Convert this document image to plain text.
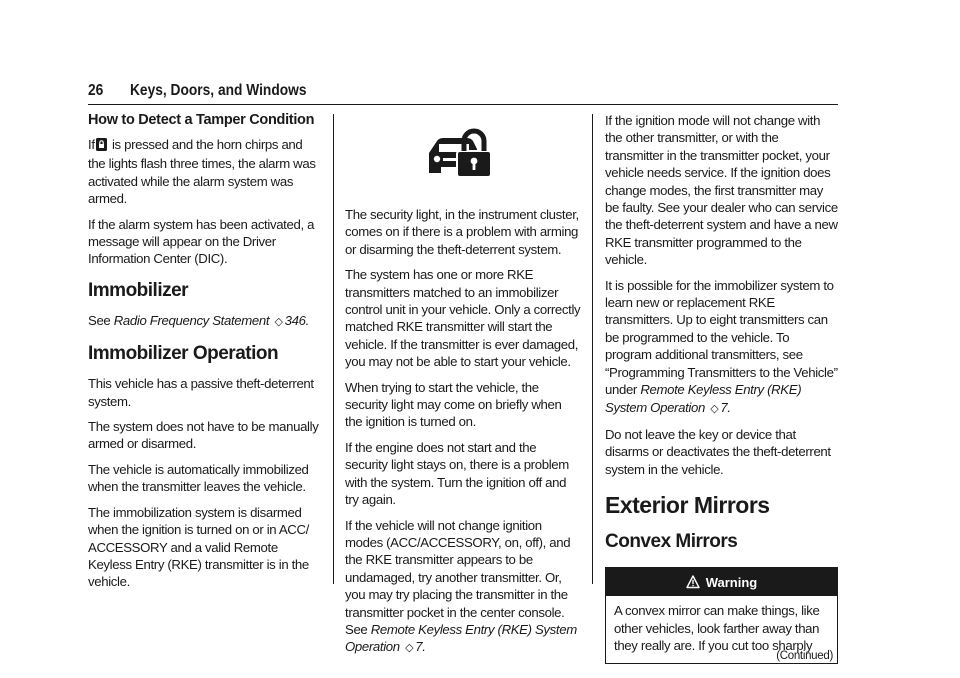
26 Keys, Doors, and Windows
How to Detect a Tamper Condition

If is pressed and the horn chirps and the lights flash three times, the alarm was activated while the alarm system was armed.

If the alarm system has been activated, a message will appear on the Driver Information Center (DIC).

Immobilizer

See Radio Frequency Statement ◇ 346.

Immobilizer Operation

This vehicle has a passive theft-deterrent system.

The system does not have to be manually armed or disarmed.

The vehicle is automatically immobilized when the transmitter leaves the vehicle.

The immobilization system is disarmed when the ignition is turned on or in ACC/ ACCESSORY and a valid Remote Keyless Entry (RKE) transmitter is in the vehicle.

The security light, in the instrument cluster, comes on if there is a problem with arming or disarming the theft-deterrent system.

The system has one or more RKE transmitters matched to an immobilizer control unit in your vehicle. Only a correctly matched RKE transmitter will start the vehicle. If the transmitter is ever damaged, you may not be able to start your vehicle.

When trying to start the vehicle, the security light may come on briefly when the ignition is turned on.

If the engine does not start and the security light stays on, there is a problem with the system. Turn the ignition off and try again.

If the vehicle will not change ignition modes (ACC/ACCESSORY, on, off), and the RKE transmitter appears to be undamaged, try another transmitter. Or, you may try placing the transmitter in the transmitter pocket in the center console. See Remote Keyless Entry (RKE) System Operation ◇ 7.

If the ignition mode will not change with the other transmitter, or with the transmitter in the transmitter pocket, your vehicle needs service. If the ignition does change modes, the first transmitter may be faulty. See your dealer who can service the theft-deterrent system and have a new RKE transmitter programmed to the vehicle.

It is possible for the immobilizer system to learn new or replacement RKE transmitters. Up to eight transmitters can be programmed to the vehicle. To program additional transmitters, see “Programming Transmitters to the Vehicle” under Remote Keyless Entry (RKE) System Operation ◇ 7.

Do not leave the key or device that disarms or deactivates the theft-deterrent system in the vehicle.

Exterior Mirrors
Convex Mirrors
Warning

A convex mirror can make things, like other vehicles, look farther away than they really are. If you cut too sharply

(Continued)
